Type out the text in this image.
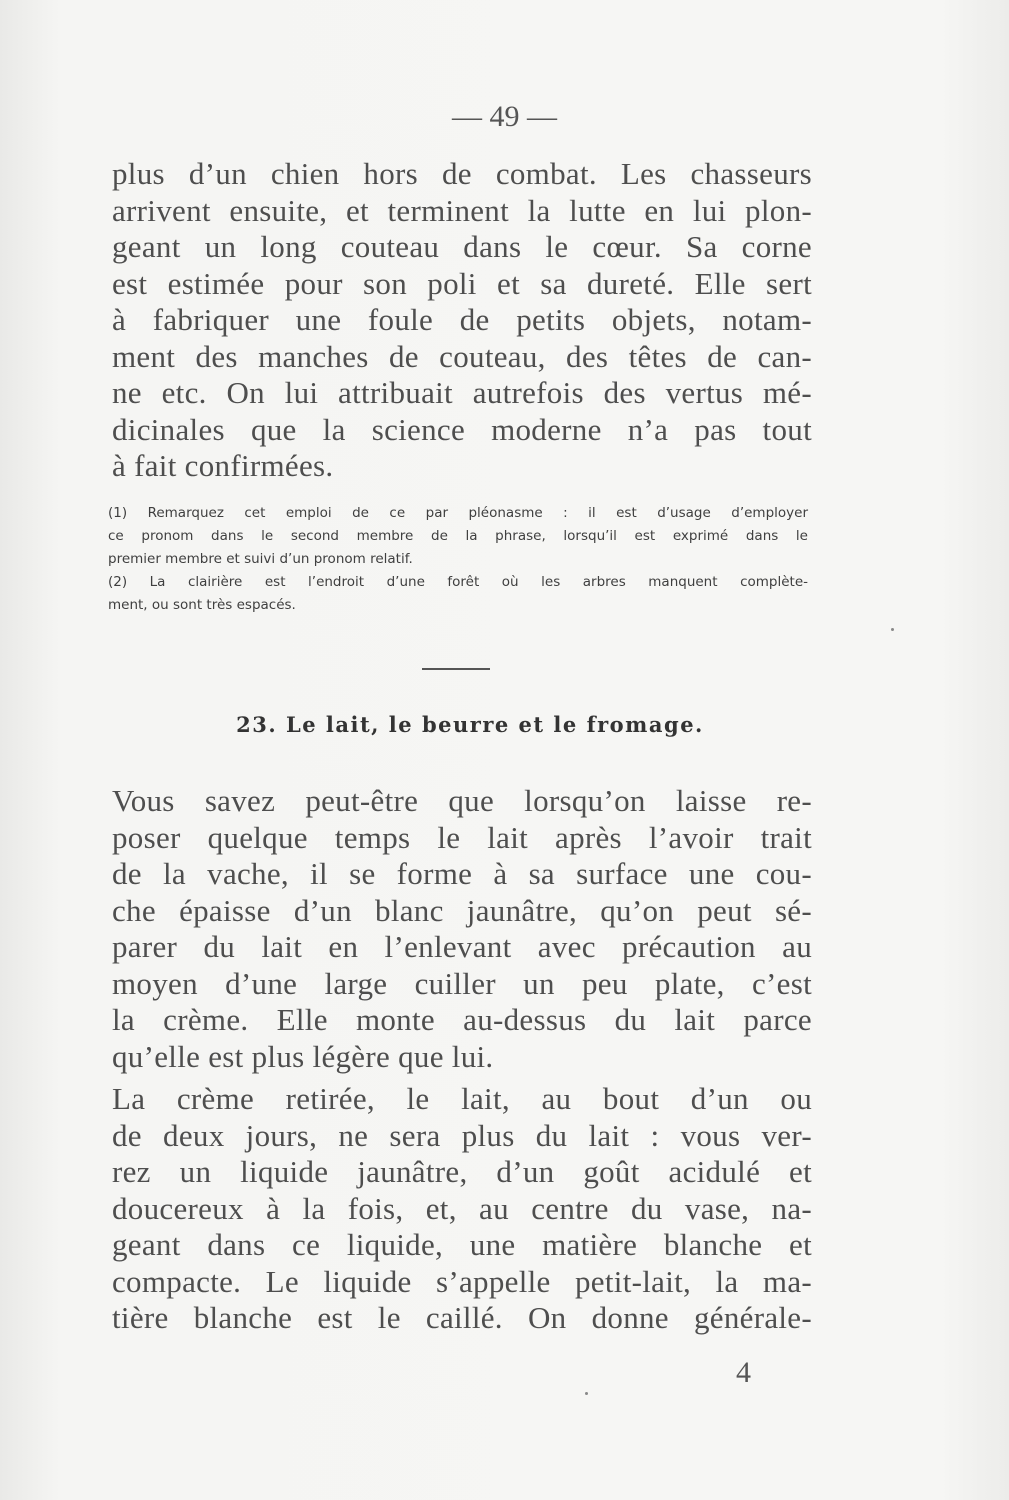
— 49 —
plus d’un chien hors de combat. Les chasseurs
arrivent ensuite, et terminent la lutte en lui plon-
geant un long couteau dans le cœur. Sa corne
est estimée pour son poli et sa dureté. Elle sert
à fabriquer une foule de petits objets, notam-
ment des manches de couteau, des têtes de can-
ne etc. On lui attribuait autrefois des vertus mé-
dicinales que la science moderne n’a pas tout
à fait confirmées.
(1) Remarquez cet emploi de ce par pléonasme : il est d’usage d’employer
ce pronom dans le second membre de la phrase, lorsqu’il est exprimé dans le
premier membre et suivi d’un pronom relatif.
(2) La clairière est l’endroit d’une forêt où les arbres manquent complète-
ment, ou sont très espacés.
23. Le lait, le beurre et le fromage.
Vous savez peut-être que lorsqu’on laisse re-
poser quelque temps le lait après l’avoir trait
de la vache, il se forme à sa surface une cou-
che épaisse d’un blanc jaunâtre, qu’on peut sé-
parer du lait en l’enlevant avec précaution au
moyen d’une large cuiller un peu plate, c’est
la crème. Elle monte au-dessus du lait parce
qu’elle est plus légère que lui.
La crème retirée, le lait, au bout d’un ou
de deux jours, ne sera plus du lait : vous ver-
rez un liquide jaunâtre, d’un goût acidulé et
doucereux à la fois, et, au centre du vase, na-
geant dans ce liquide, une matière blanche et
compacte. Le liquide s’appelle petit-lait, la ma-
tière blanche est le caillé. On donne générale-
4
